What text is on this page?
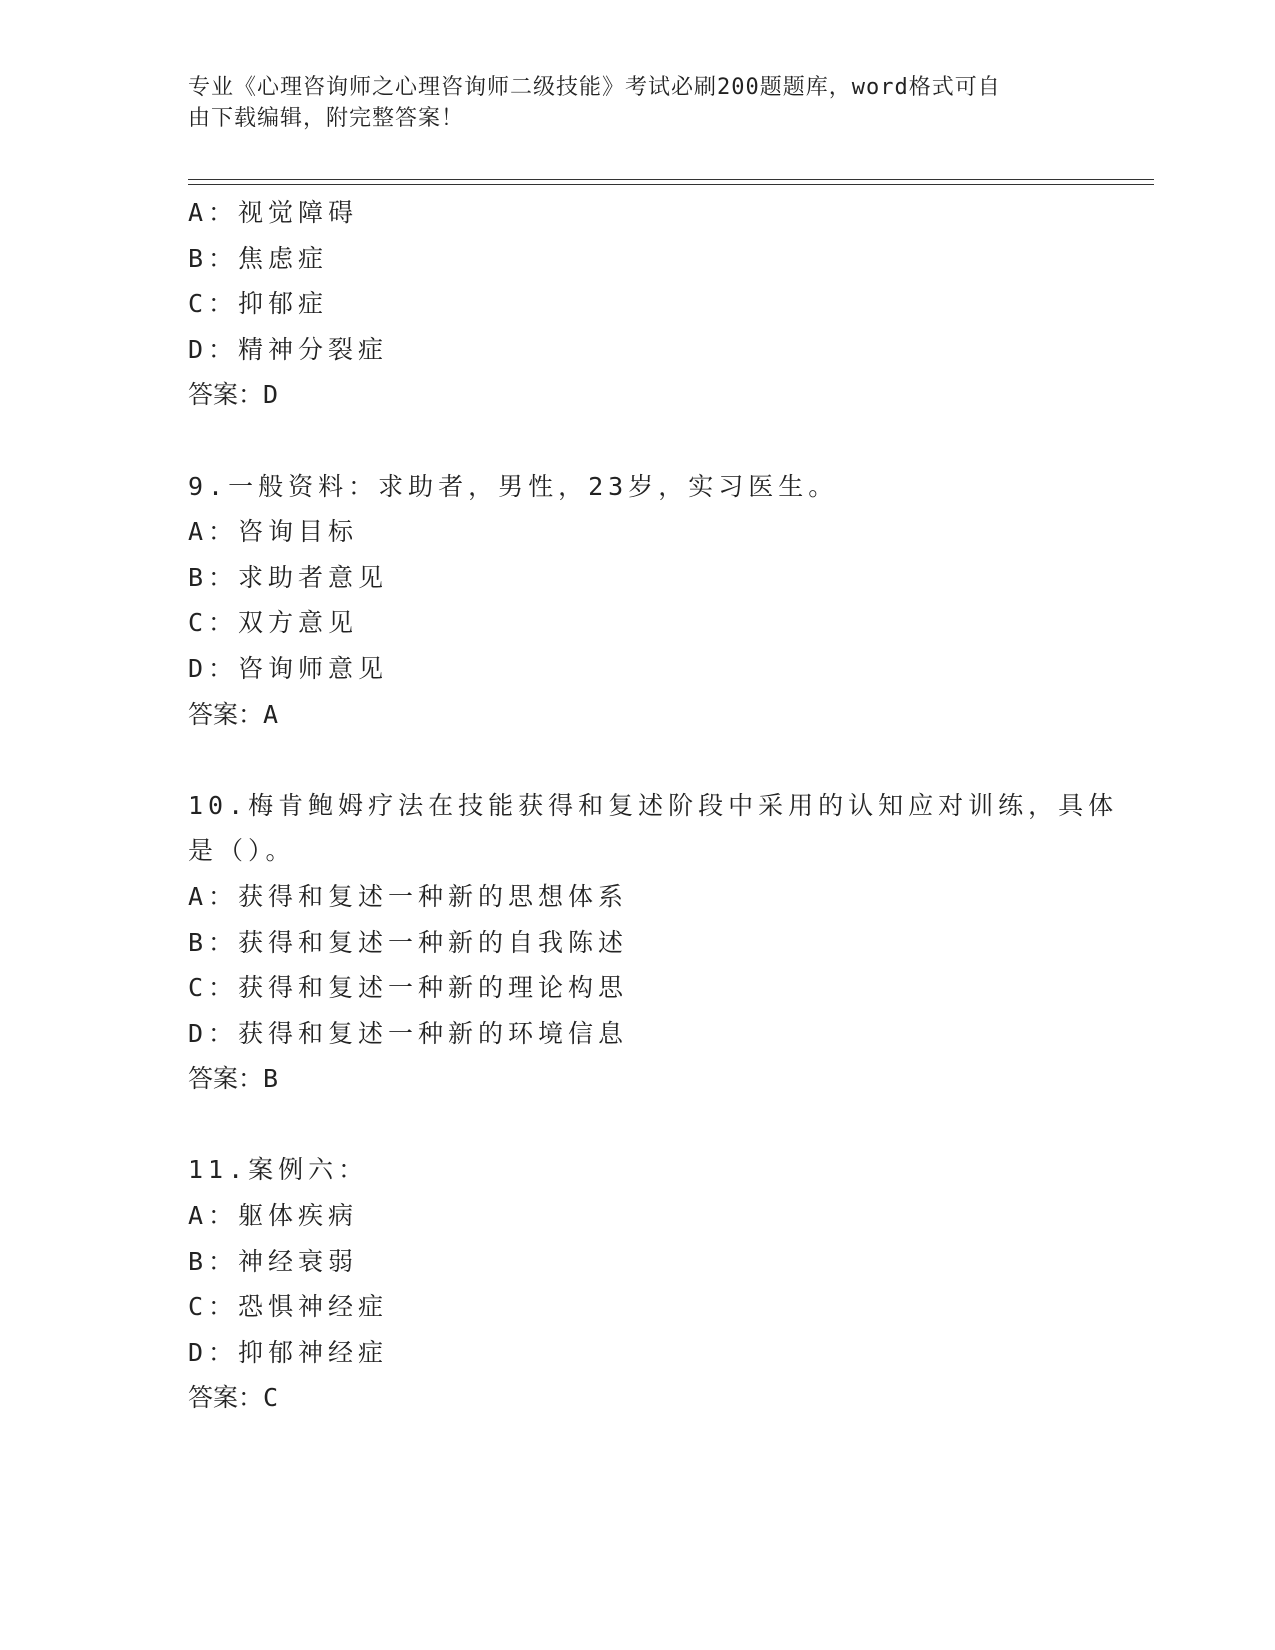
专业《心理咨询师之心理咨询师二级技能》考试必刷200题题库，word格式可自
由下载编辑，附完整答案！
A：视觉障碍
B：焦虑症
C：抑郁症
D：精神分裂症
答案：D
9.一般资料：求助者，男性，23岁，实习医生。
A：咨询目标
B：求助者意见
C：双方意见
D：咨询师意见
答案：A
10.梅肯鲍姆疗法在技能获得和复述阶段中采用的认知应对训练，具体
是（）。
A：获得和复述一种新的思想体系
B：获得和复述一种新的自我陈述
C：获得和复述一种新的理论构思
D：获得和复述一种新的环境信息
答案：B
11.案例六：
A：躯体疾病
B：神经衰弱
C：恐惧神经症
D：抑郁神经症
答案：C
